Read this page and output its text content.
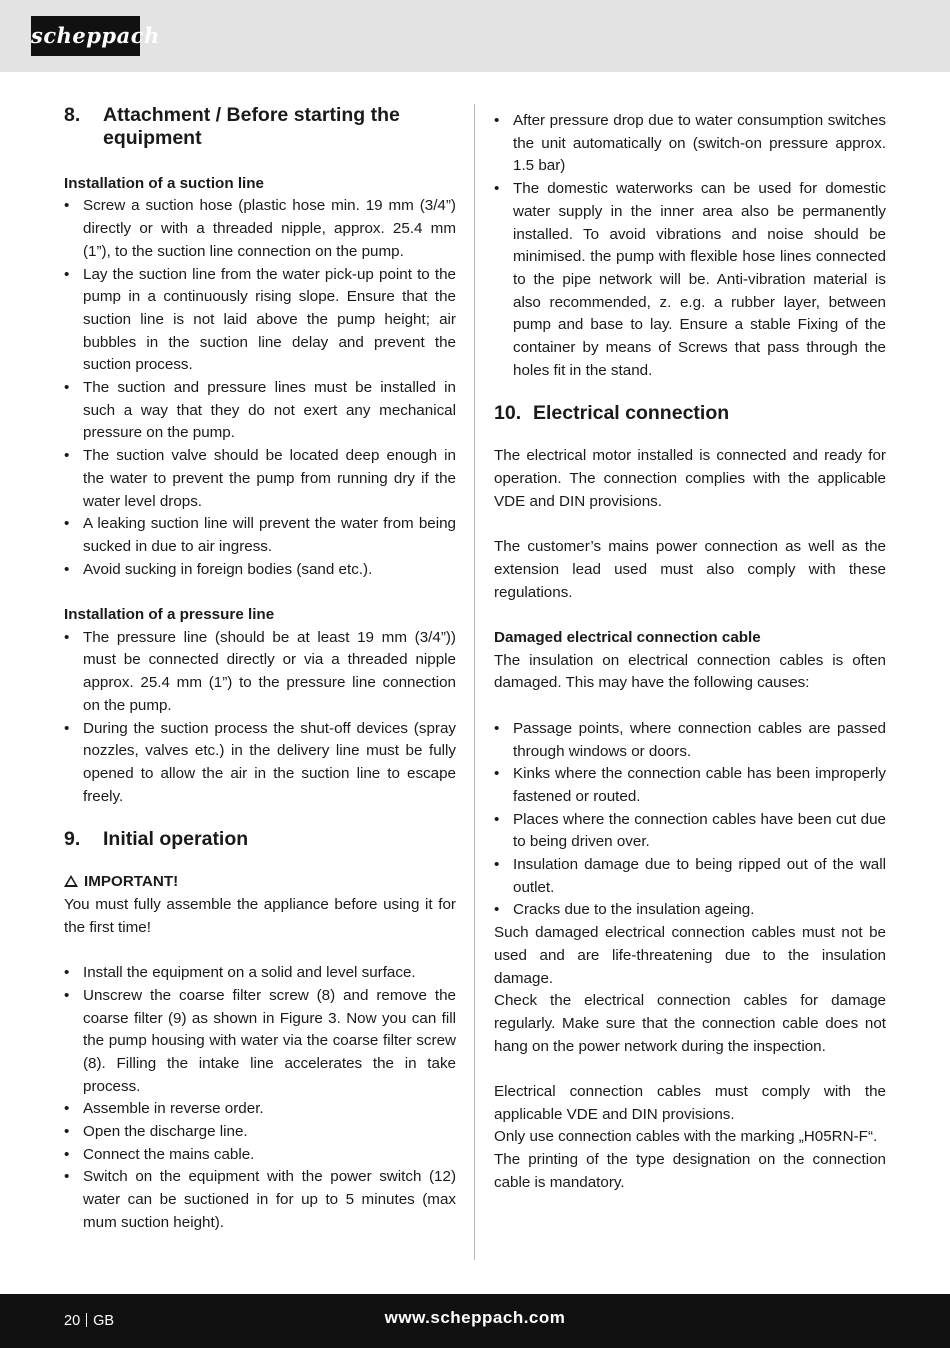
scheppach
8.	Attachment / Before starting the equipment
Installation of a suction line
• Screw a suction hose (plastic hose min. 19 mm (3/4”) directly or with a threaded nipple, approx. 25.4 mm (1”), to the suction line connection on the pump.
• Lay the suction line from the water pick-up point to the pump in a continuously rising slope. Ensure that the suction line is not laid above the pump height; air bubbles in the suction line delay and prevent the suction process.
• The suction and pressure lines must be installed in such a way that they do not exert any mechanical pressure on the pump.
• The suction valve should be located deep enough in the water to prevent the pump from running dry if the water level drops.
• A leaking suction line will prevent the water from being sucked in due to air ingress.
• Avoid sucking in foreign bodies (sand etc.).
Installation of a pressure line
• The pressure line (should be at least 19 mm (3/4”)) must be connected directly or via a threaded nipple approx. 25.4 mm (1”) to the pressure line connection on the pump.
• During the suction process the shut-off devices (spray nozzles, valves etc.) in the delivery line must be fully opened to allow the air in the suction line to escape freely.
9.	Initial operation
IMPORTANT!

You must fully assemble the appliance before using it for the first time!

• Install the equipment on a solid and level surface.
• Unscrew the coarse filter screw (8) and remove the coarse filter (9) as shown in Figure 3. Now you can fill the pump housing with water via the coarse filter screw (8). Filling the intake line accelerates the in take process.
• Assemble in reverse order.
• Open the discharge line.
• Connect the mains cable.
• Switch on the equipment with the power switch (12) water can be suctioned in for up to 5 minutes (max mum suction height).
• After pressure drop due to water consumption switches the unit automatically on (switch-on pressure approx. 1.5 bar)
• The domestic waterworks can be used for domestic water supply in the inner area also be permanently installed. To avoid vibrations and noise should be minimised. the pump with flexible hose lines connected to the pipe network will be. Anti-vibration material is also recommended, z. e.g. a rubber layer, between pump and base to lay. Ensure a stable Fixing of the container by means of Screws that pass through the holes fit in the stand.
10. Electrical connection

The electrical motor installed is connected and ready for operation. The connection complies with the applicable VDE and DIN provisions.

The customer’s mains power connection as well as the extension lead used must also comply with these regulations.

Damaged electrical connection cable

The insulation on electrical connection cables is often damaged. This may have the following causes:

• Passage points, where connection cables are passed through windows or doors.
• Kinks where the connection cable has been improperly fastened or routed.
• Places where the connection cables have been cut due to being driven over.
• Insulation damage due to being ripped out of the wall outlet.
• Cracks due to the insulation ageing.

Such damaged electrical connection cables must not be used and are life-threatening due to the insulation damage.

Check the electrical connection cables for damage regularly. Make sure that the connection cable does not hang on the power network during the inspection.

Electrical connection cables must comply with the applicable VDE and DIN provisions.

Only use connection cables with the marking „H05RN-F“.

The printing of the type designation on the connection cable is mandatory.

20 GB	www.scheppach.com
